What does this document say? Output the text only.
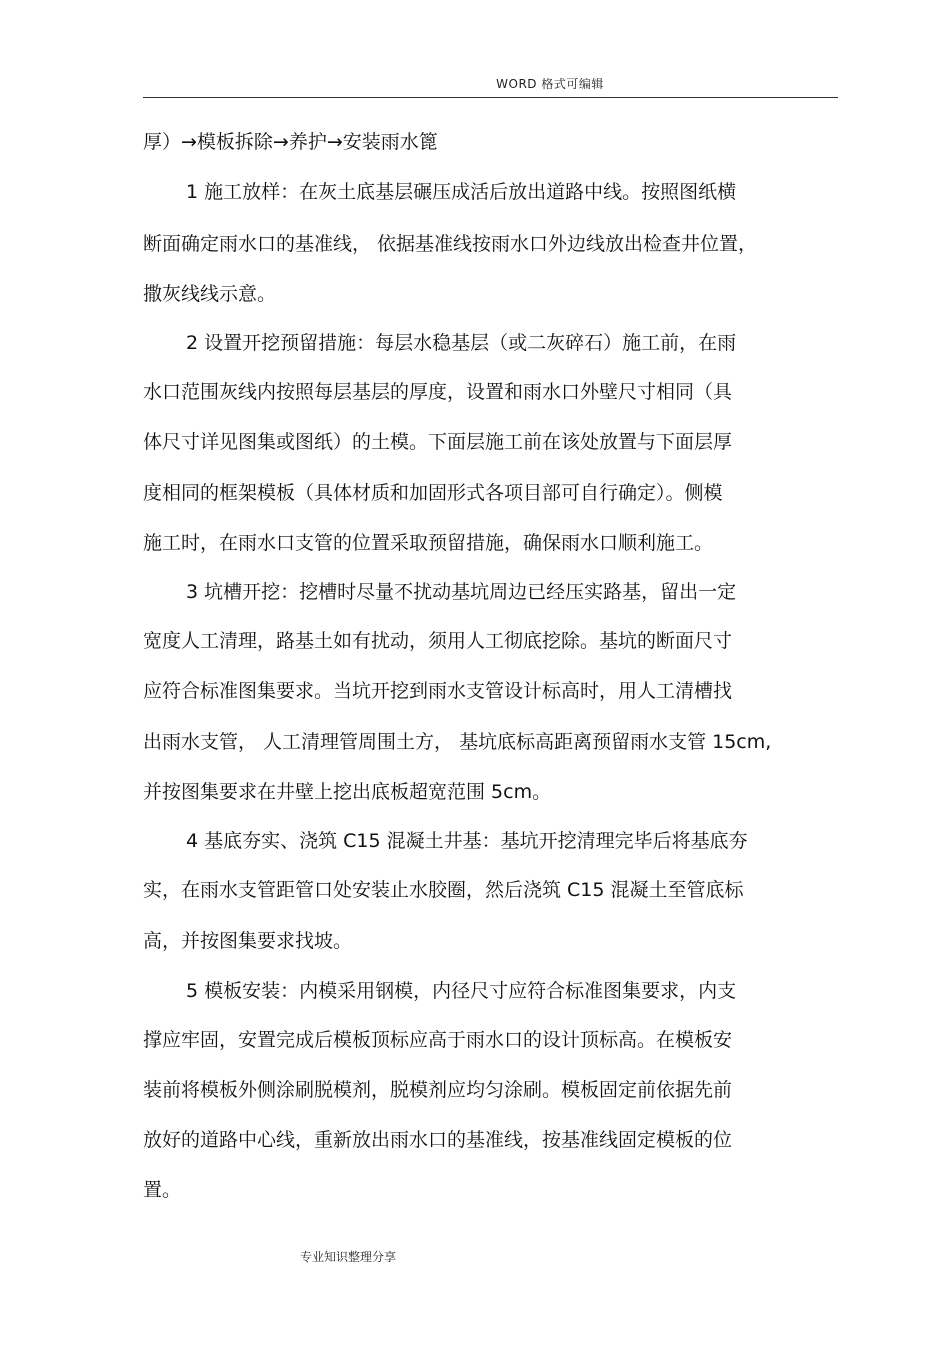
WORD 格式可编辑
厚）→模板拆除→养护→安装雨水篦
1 施工放样：在灰土底基层碾压成活后放出道路中线。按照图纸横
断面确定雨水口的基准线， 依据基准线按雨水口外边线放出检查井位置，
撒灰线线示意。
2 设置开挖预留措施：每层水稳基层（或二灰碎石）施工前，在雨
水口范围灰线内按照每层基层的厚度，设置和雨水口外壁尺寸相同（具
体尺寸详见图集或图纸）的土模。下面层施工前在该处放置与下面层厚
度相同的框架模板（具体材质和加固形式各项目部可自行确定）。侧模
施工时，在雨水口支管的位置采取预留措施，确保雨水口顺利施工。
3 坑槽开挖：挖槽时尽量不扰动基坑周边已经压实路基，留出一定
宽度人工清理，路基土如有扰动，须用人工彻底挖除。基坑的断面尺寸
应符合标准图集要求。当坑开挖到雨水支管设计标高时，用人工清槽找
出雨水支管， 人工清理管周围土方， 基坑底标高距离预留雨水支管 15cm,
并按图集要求在井壁上挖出底板超宽范围 5cm。
4 基底夯实、浇筑 C15 混凝土井基：基坑开挖清理完毕后将基底夯
实，在雨水支管距管口处安装止水胶圈，然后浇筑 C15 混凝土至管底标
高，并按图集要求找坡。
5 模板安装：内模采用钢模，内径尺寸应符合标准图集要求，内支
撑应牢固，安置完成后模板顶标应高于雨水口的设计顶标高。在模板安
装前将模板外侧涂刷脱模剂，脱模剂应均匀涂刷。模板固定前依据先前
放好的道路中心线，重新放出雨水口的基准线，按基准线固定模板的位
置。
专业知识整理分享
